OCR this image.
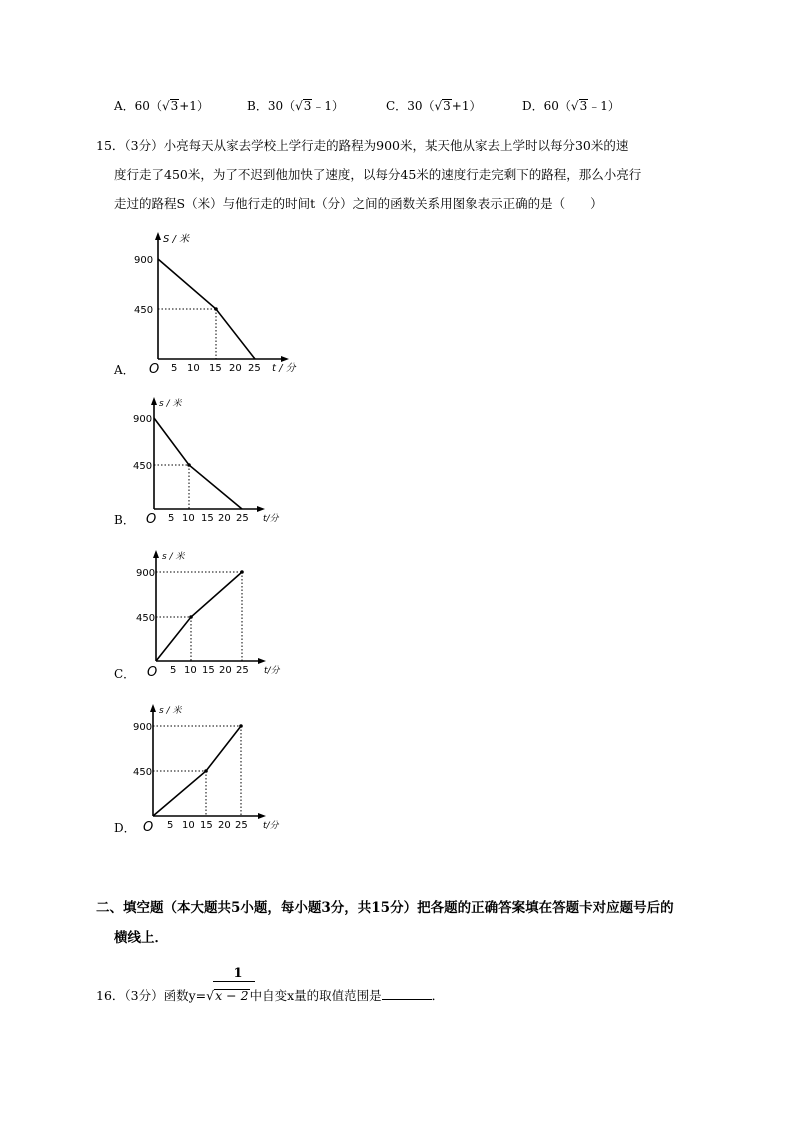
A．60（√3+1）	B．30（√3﹣1）	C．30（√3+1）	D．60（√3﹣1）
15．（3分）小亮每天从家去学校上学行走的路程为900米，某天他从家去上学时以每分30米的速
度行走了450米，为了不迟到他加快了速度，以每分45米的速度行走完剩下的路程，那么小亮行
走过的路程S（米）与他行走的时间t（分）之间的函数关系用图象表示正确的是（　　）
A．
S / 米
900
450
O 5 10 15 20 25 t / 分
B．
s / 米
900
450
O 5 10 15 20 25 t/分
C．
s / 米
900
450
O 5 10 15 20 25 t/分
D．
s / 米
900
450
O 5 10 15 20 25 t/分
二、填空题（本大题共5小题，每小题3分，共15分）把各题的正确答案填在答题卡对应题号后的
横线上．
1
16．（3分）函数y=√x − 2中自变x量的取值范围是	．
